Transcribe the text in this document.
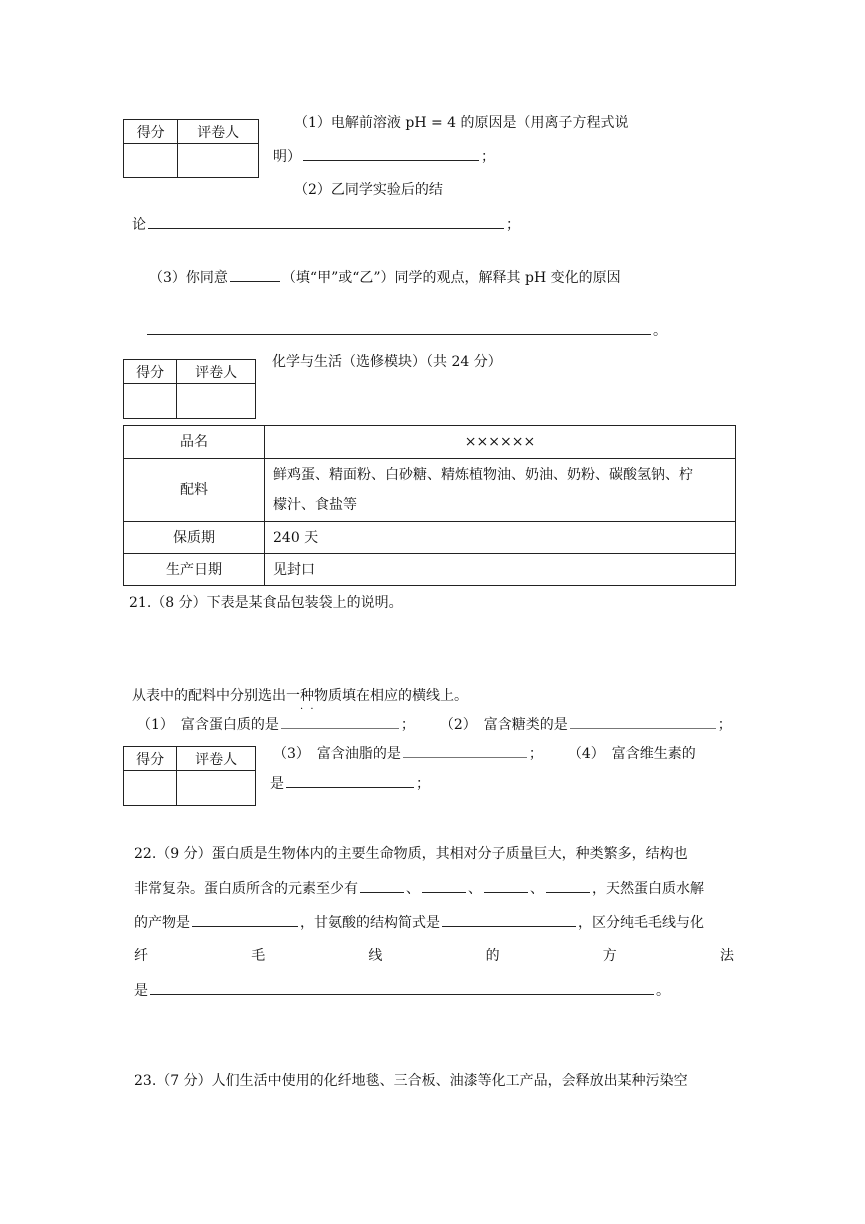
得分	评卷人

（1）电解前溶液 pH = 4 的原因是（用离子方程式说
明）	；
（2）乙同学实验后的结
论	；
（3）你同意	（填“甲”或“乙”）同学的观点，解释其 pH 变化的原因
。
得分	评卷人

化学与生活（选修模块）（共 24 分）
品名	××××××
配料	鲜鸡蛋、精面粉、白砂糖、精炼植物油、奶油、奶粉、碳酸氢钠、柠
檬汁、食盐等

保质期	240 天
生产日期	见封口
21.（8 分）下表是某食品包装袋上的说明。
从表中的配料中分别选出一种物质填在相应的横线上。
· ·
（1）　富含蛋白质的是	； （2）　富含糖类的是	；
得分	评卷人
		（3）　富含油脂的是	； （4）　富含维生素的
是	；
22.（9 分）蛋白质是生物体内的主要生命物质，其相对分子质量巨大，种类繁多，结构也
非常复杂。蛋白质所含的元素至少有	、	、	、	，天然蛋白质水解
的产物是	，甘氨酸的结构简式是	，区分纯毛毛线与化
纤	毛	线	的	方	法
是	。
23.（7 分）人们生活中使用的化纤地毯、三合板、油漆等化工产品，会释放出某种污染空
